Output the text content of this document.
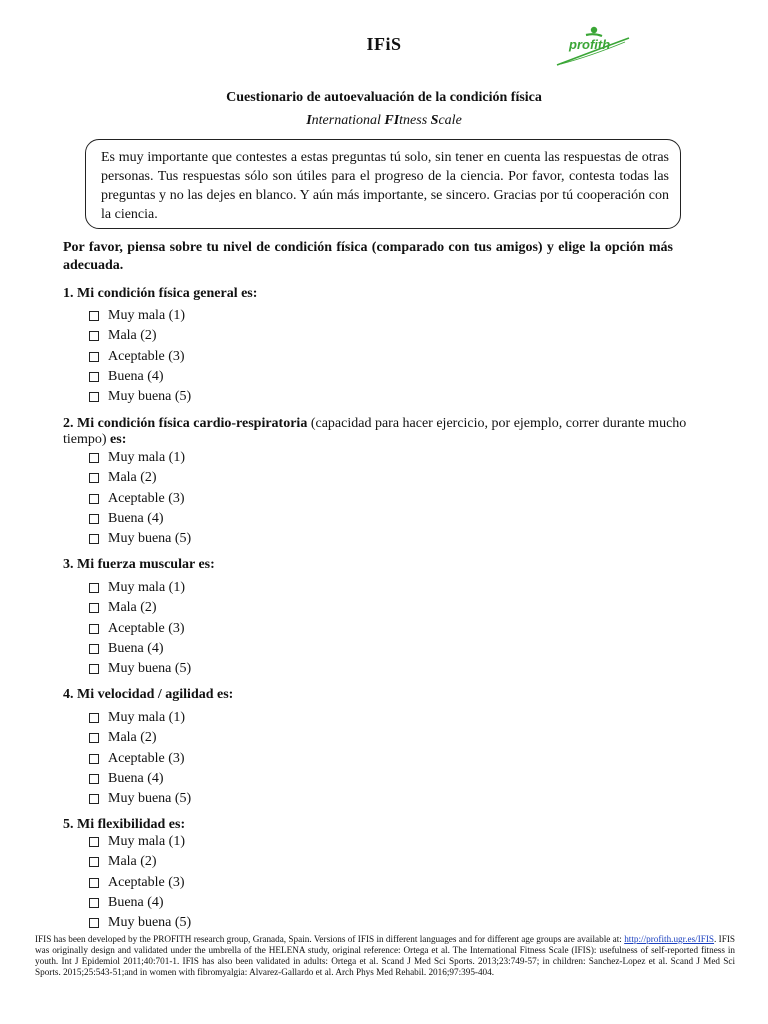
IFiS	profith
Cuestionario de autoevaluación de la condición física
International FItness Scale
Es muy importante que contestes a estas preguntas tú solo, sin tener en cuenta las respuestas de otras personas. Tus respuestas sólo son útiles para el progreso de la ciencia. Por favor, contesta todas las preguntas y no las dejes en blanco. Y aún más importante, se sincero. Gracias por tú cooperación con la ciencia.
Por favor, piensa sobre tu nivel de condición física (comparado con tus amigos) y elige la opción más adecuada.
1. Mi condición física general es:
Muy mala (1)
Mala (2)
Aceptable (3)
Buena (4)
Muy buena (5)
2. Mi condición física cardio-respiratoria (capacidad para hacer ejercicio, por ejemplo, correr durante mucho tiempo) es:
Muy mala (1)
Mala (2)
Aceptable (3)
Buena (4)
Muy buena (5)
3. Mi fuerza muscular es:
Muy mala (1)
Mala (2)
Aceptable (3)
Buena (4)
Muy buena (5)
4. Mi velocidad / agilidad es:
Muy mala (1)
Mala (2)
Aceptable (3)
Buena (4)
Muy buena (5)
5. Mi flexibilidad es:
Muy mala (1)
Mala (2)
Aceptable (3)
Buena (4)
Muy buena (5)
IFIS has been developed by the PROFITH research group, Granada, Spain. Versions of IFIS in different languages and for different age groups are available at: http://profith.ugr.es/IFIS. IFIS was originally design and validated under the umbrella of the HELENA study, original reference: Ortega et al. The International Fitness Scale (IFIS): usefulness of self-reported fitness in youth. Int J Epidemiol 2011;40:701-1. IFIS has also been validated in adults: Ortega et al. Scand J Med Sci Sports. 2013;23:749-57; in children: Sanchez-Lopez et al. Scand J Med Sci Sports. 2015;25:543-51;and in women with fibromyalgia: Alvarez-Gallardo et al. Arch Phys Med Rehabil. 2016;97:395-404.
